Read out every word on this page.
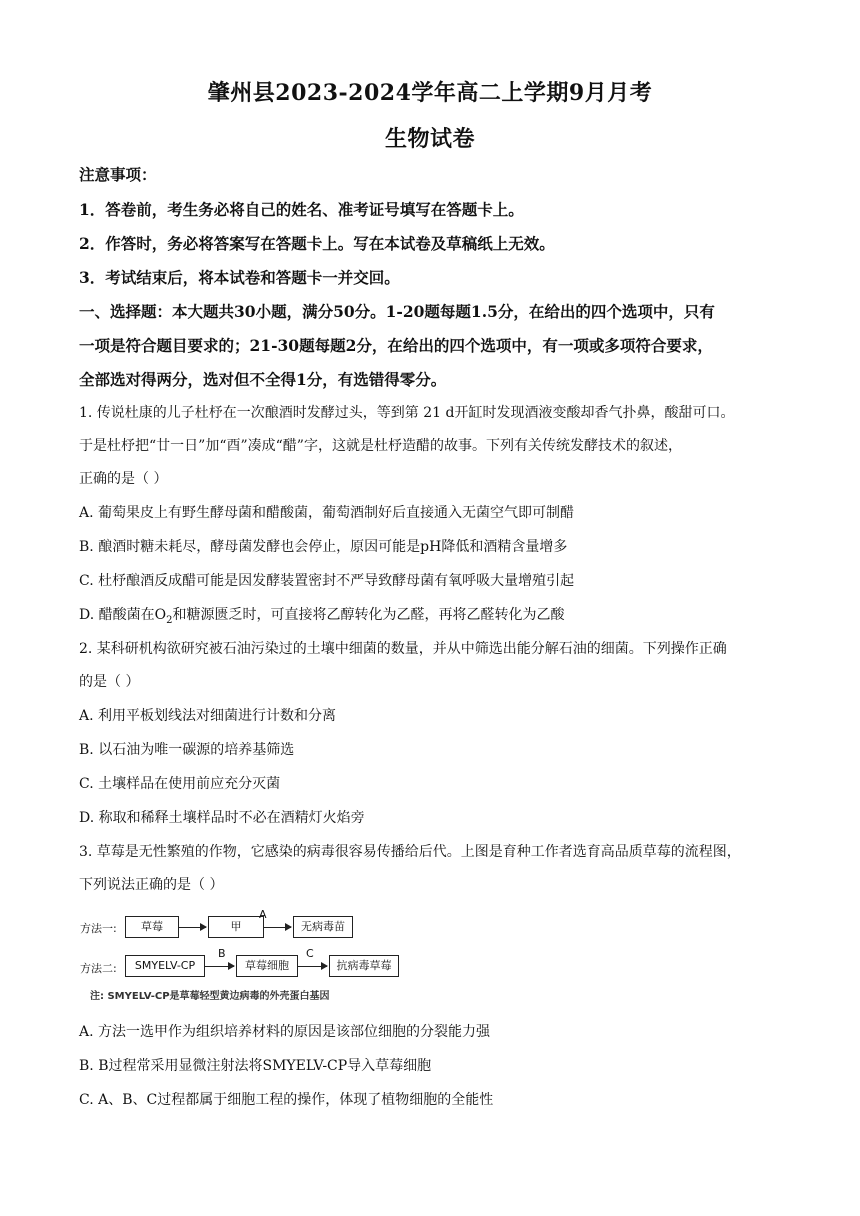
肇州县2023-2024学年高二上学期9月月考
生物试卷
注意事项：
1．答卷前，考生务必将自己的姓名、准考证号填写在答题卡上。
2．作答时，务必将答案写在答题卡上。写在本试卷及草稿纸上无效。
3．考试结束后，将本试卷和答题卡一并交回。
一、选择题：本大题共30小题，满分50分。1-20题每题1.5分，在给出的四个选项中，只有
一项是符合题目要求的；21-30题每题2分，在给出的四个选项中，有一项或多项符合要求，
全部选对得两分，选对但不全得1分，有选错得零分。
1. 传说杜康的儿子杜杼在一次酿酒时发酵过头，等到第 21 d开缸时发现酒液变酸却香气扑鼻，酸甜可口。
于是杜杼把“廿一日”加“酉”凑成“醋”字，这就是杜杼造醋的故事。下列有关传统发酵技术的叙述，
正确的是（ ）
A. 葡萄果皮上有野生酵母菌和醋酸菌，葡萄酒制好后直接通入无菌空气即可制醋
B. 酿酒时糖未耗尽，酵母菌发酵也会停止，原因可能是pH降低和酒精含量增多
C. 杜杼酿酒反成醋可能是因发酵装置密封不严导致酵母菌有氧呼吸大量增殖引起
D. 醋酸菌在$O_2$和糖源匮乏时，可直接将乙醇转化为乙醛，再将乙醛转化为乙酸
2. 某科研机构欲研究被石油污染过的土壤中细菌的数量，并从中筛选出能分解石油的细菌。下列操作正确
的是（ ）
A. 利用平板划线法对细菌进行计数和分离
B. 以石油为唯一碳源的培养基筛选
C. 土壤样品在使用前应充分灭菌
D. 称取和稀释土壤样品时不必在酒精灯火焰旁
3. 草莓是无性繁殖的作物，它感染的病毒很容易传播给后代。上图是育种工作者选育高品质草莓的流程图，
下列说法正确的是（ ）
方法一:	草莓	甲
A
无病毒苗
方法二:	SMYELV-CP
B
草莓细胞
C
抗病毒草莓
注: SMYELV-CP是草莓轻型黄边病毒的外壳蛋白基因
A. 方法一选甲作为组织培养材料的原因是该部位细胞的分裂能力强
B. B过程常采用显微注射法将SMYELV-CP导入草莓细胞
C. A、B、C过程都属于细胞工程的操作，体现了植物细胞的全能性
